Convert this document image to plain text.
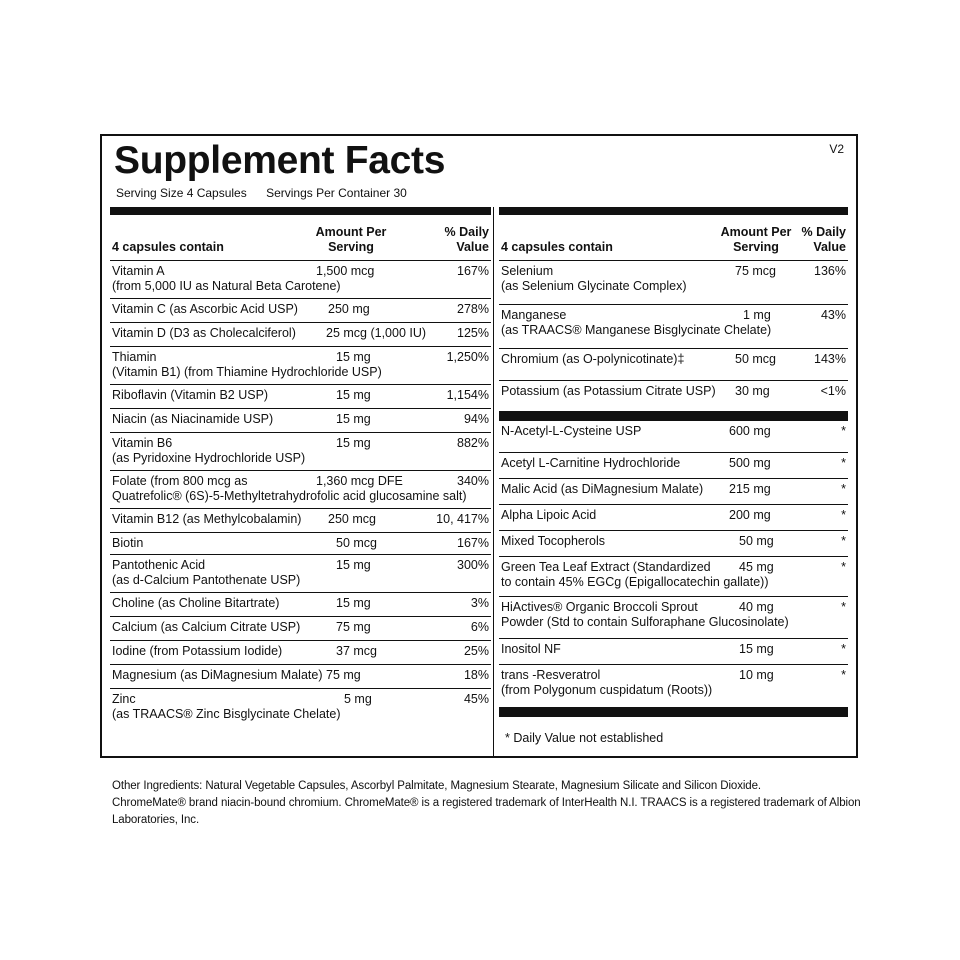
Supplement Facts	V2
Serving Size 4 Capsules Servings Per Container 30
4 capsules contain
Amount Per
Serving
% Daily
Value
Vitamin A	1,500 mcg	167%
(from 5,000 IU as Natural Beta Carotene)
Vitamin C (as Ascorbic Acid USP) 250 mg	278%
Vitamin D (D3 as Cholecalciferol) 25 mcg (1,000 IU) 125%
Thiamin	15 mg	1,250%
(Vitamin B1) (from Thiamine Hydrochloride USP)
Riboflavin (Vitamin B2 USP)	15 mg	1,154%
Niacin (as Niacinamide USP)	15 mg	94%
Vitamin B6	15 mg	882%
(as Pyridoxine Hydrochloride USP)
Folate (from 800 mcg as	1,360 mcg DFE	340%
Quatrefolic® (6S)-5-Methyltetrahydrofolic acid glucosamine salt)
Vitamin B12 (as Methylcobalamin) 250 mcg	10, 417%
Biotin	50 mcg	167%
Pantothenic Acid	15 mg	300%
(as d-Calcium Pantothenate USP)
Choline (as Choline Bitartrate)	15 mg	3%
Calcium (as Calcium Citrate USP)	75 mg	6%
Iodine (from Potassium Iodide)	37 mcg	25%
Magnesium (as DiMagnesium Malate) 75 mg	18%
Zinc	5 mg	45%
(as TRAACS® Zinc Bisglycinate Chelate)
4 capsules contain
Amount Per
Serving
% Daily
Value
Selenium	75 mcg	136%
(as Selenium Glycinate Complex)
Manganese	1 mg	43%
(as TRAACS® Manganese Bisglycinate Chelate)
Chromium (as O-polynicotinate)‡	50 mcg	143%
Potassium (as Potassium Citrate USP) 30 mg	<1%
N-Acetyl-L-Cysteine USP	600 mg	*
Acetyl L-Carnitine Hydrochloride	500 mg	*
Malic Acid (as DiMagnesium Malate) 215 mg	*
Alpha Lipoic Acid	200 mg	*
Mixed Tocopherols	50 mg	*
Green Tea Leaf Extract (Standardized 45 mg	*
to contain 45% EGCg (Epigallocatechin gallate))
HiActives® Organic Broccoli Sprout	40 mg	*
Powder (Std to contain Sulforaphane Glucosinolate)
Inositol NF	15 mg	*
trans -Resveratrol	10 mg	*
(from Polygonum cuspidatum (Roots))
* Daily Value not established

Other Ingredients: Natural Vegetable Capsules, Ascorbyl Palmitate, Magnesium Stearate, Magnesium Silicate and Silicon Dioxide.

ChromeMate® brand niacin-bound chromium. ChromeMate® is a registered trademark of InterHealth N.I. TRAACS is a registered trademark of Albion Laboratories, Inc.
